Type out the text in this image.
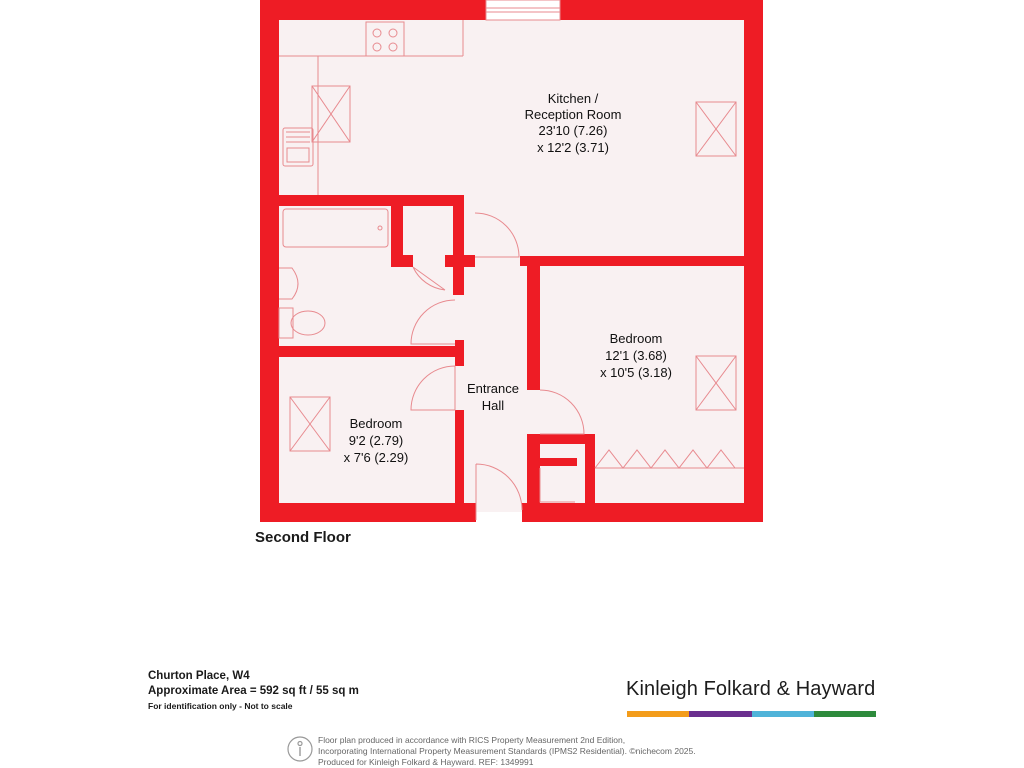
Kitchen /
Reception Room
23'10 (7.26)
x 12'2 (3.71)
Bedroom
12'1 (3.68)
x 10'5 (3.18)
Bedroom
9'2 (2.79)
x 7'6 (2.29)
Entrance
Hall
Second Floor
Churton Place, W4
Approximate Area = 592 sq ft / 55 sq m
For identification only - Not to scale
Kinleigh Folkard & Hayward
Floor plan produced in accordance with RICS Property Measurement 2nd Edition,
Incorporating International Property Measurement Standards (IPMS2 Residential). ©nichecom 2025.
Produced for Kinleigh Folkard & Hayward. REF: 1349991
